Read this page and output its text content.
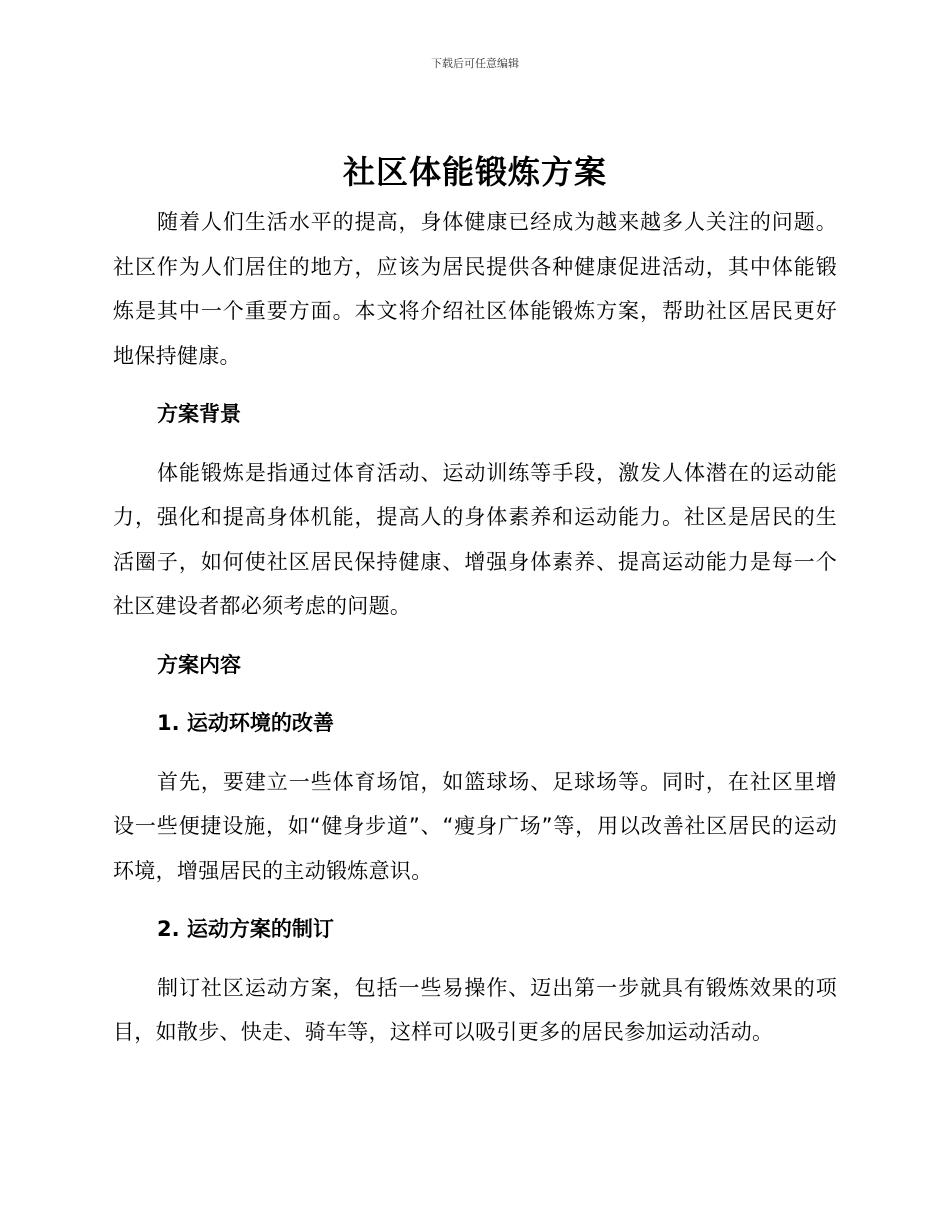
下载后可任意编辑
社区体能锻炼方案

随着人们生活水平的提高，身体健康已经成为越来越多人关注的问题。社区作为人们居住的地方，应该为居民提供各种健康促进活动，其中体能锻炼是其中一个重要方面。本文将介绍社区体能锻炼方案，帮助社区居民更好地保持健康。

方案背景

体能锻炼是指通过体育活动、运动训练等手段，激发人体潜在的运动能力，强化和提高身体机能，提高人的身体素养和运动能力。社区是居民的生活圈子，如何使社区居民保持健康、增强身体素养、提高运动能力是每一个社区建设者都必须考虑的问题。

方案内容

1. 运动环境的改善

首先，要建立一些体育场馆，如篮球场、足球场等。同时，在社区里增设一些便捷设施，如“健身步道”、“瘦身广场”等，用以改善社区居民的运动环境，增强居民的主动锻炼意识。

2. 运动方案的制订

制订社区运动方案，包括一些易操作、迈出第一步就具有锻炼效果的项目，如散步、快走、骑车等，这样可以吸引更多的居民参加运动活动。
